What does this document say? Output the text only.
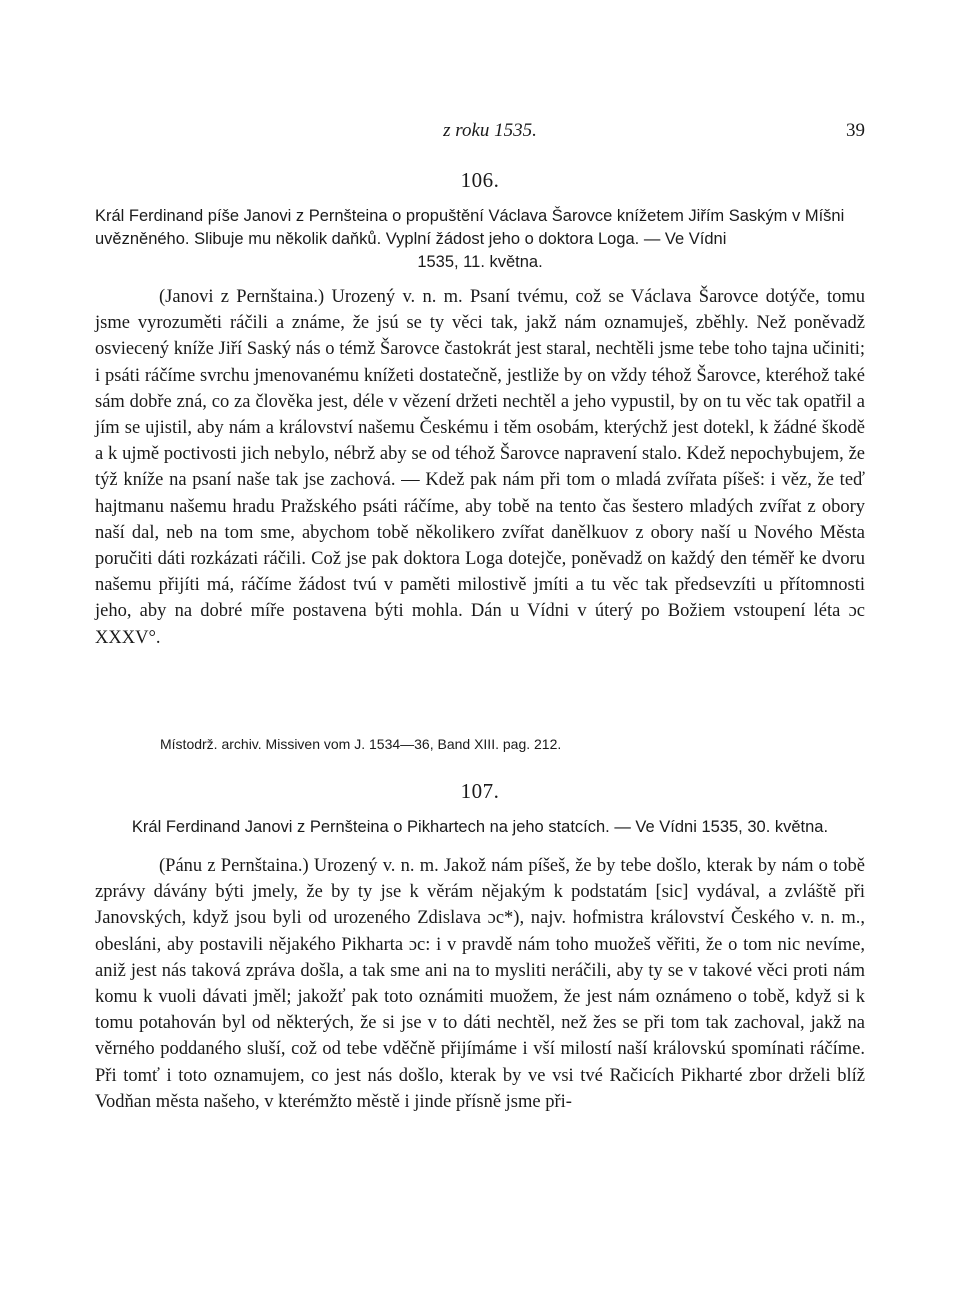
z roku 1535.	39
106.
Král Ferdinand píše Janovi z Pernšteina o propuštění Václava Šarovce knížetem Jiřím Saským v Míšni uvězněného. Slibuje mu několik daňků. Vyplní žádost jeho o doktora Loga. — Ve Vídni
1535, 11. května.

(Janovi z Pernštaina.) Urozený v. n. m. Psaní tvému, což se Václava Šarovce dotýče, tomu jsme vyrozuměti ráčili a známe, že jsú se ty věci tak, jakž nám oznamuješ, zběhly. Než poněvadž osviecený kníže Jiří Saský nás o témž Šarovce častokrát jest staral, nechtěli jsme tebe toho tajna učiniti; i psáti ráčíme svrchu jmenovanému knížeti dostatečně, jestliže by on vždy téhož Šarovce, kteréhož také sám dobře zná, co za člověka jest, déle v vězení držeti nechtěl a jeho vypustil, by on tu věc tak opatřil a jím se ujistil, aby nám a království našemu Českému i těm osobám, kterýchž jest dotekl, k žádné škodě a k ujmě poctivosti jich nebylo, nébrž aby se od téhož Šarovce napravení stalo. Kdež nepochybujem, že týž kníže na psaní naše tak jse zachová. — Kdež pak nám při tom o mladá zvířata píšeš: i věz, že teď hajtmanu našemu hradu Pražského psáti ráčíme, aby tobě na tento čas šestero mladých zvířat z obory naší dal, neb na tom sme, abychom tobě několikero zvířat danělkuov z obory naší u Nového Města poručiti dáti rozkázati ráčili. Což jse pak doktora Loga dotejče, poněvadž on každý den téměř ke dvoru našemu přijíti má, ráčíme žádost tvú v paměti milostivě jmíti a tu věc tak předsevzíti u přítomnosti jeho, aby na dobré míře postavena býti mohla. Dán u Vídni v úterý po Božiem vstoupení léta ɔc XXXV°.

Místodrž. archiv. Missiven vom J. 1534—36, Band XIII. pag. 212.
107.
Král Ferdinand Janovi z Pernšteina o Pikhartech na jeho statcích. — Ve Vídni 1535, 30. května.

(Pánu z Pernštaina.) Urozený v. n. m. Jakož nám píšeš, že by tebe došlo, kterak by nám o tobě zprávy dávány býti jmely, že by ty jse k věrám nějakým k podstatám [sic] vydával, a zvláště při Janovských, když jsou byli od urozeného Zdislava ɔc*), najv. hofmistra království Českého v. n. m., obesláni, aby postavili nějakého Pikharta ɔc: i v pravdě nám toho muožeš věřiti, že o tom nic nevíme, aniž jest nás taková zpráva došla, a tak sme ani na to mysliti neráčili, aby ty se v takové věci proti nám komu k vuoli dávati jměl; jakožť pak toto oznámiti muožem, že jest nám oznámeno o tobě, když si k tomu potahován byl od některých, že si jse v to dáti nechtěl, než žes se při tom tak zachoval, jakž na věrného poddaného sluší, což od tebe vděčně přijímáme i vší milostí naší královskú spomínati ráčíme. Při tomť i toto oznamujem, co jest nás došlo, kterak by ve vsi tvé Račicích Pikharté zbor drželi blíž Vodňan města našeho, v kterémžto městě i jinde přísně jsme při-
